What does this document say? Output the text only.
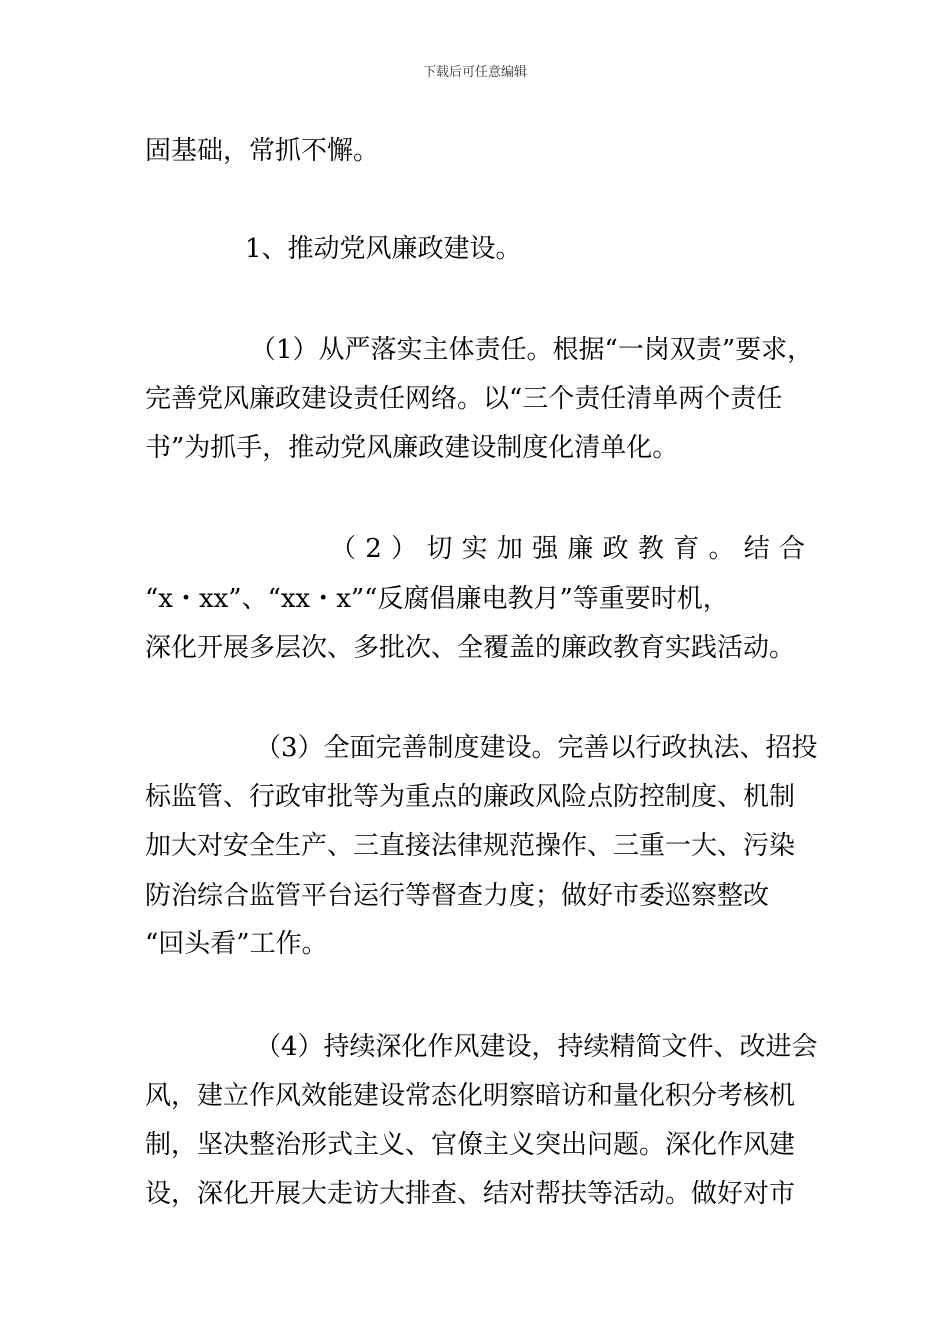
下载后可任意编辑
固基础，常抓不懈。
1、推动党风廉政建设。
（1）从严落实主体责任。根据“一岗双责”要求，
完善党风廉政建设责任网络。以“三个责任清单两个责任
书”为抓手，推动党风廉政建设制度化清单化。
（ 2 ） 切 实 加 强 廉 政 教 育 。 结 合
“x・xx”、“xx・x”“反腐倡廉电教月”等重要时机，
深化开展多层次、多批次、全覆盖的廉政教育实践活动。
（3）全面完善制度建设。完善以行政执法、招投
标监管、行政审批等为重点的廉政风险点防控制度、机制
加大对安全生产、三直接法律规范操作、三重一大、污染
防治综合监管平台运行等督查力度；做好市委巡察整改
“回头看”工作。
（4）持续深化作风建设，持续精简文件、改进会
风，建立作风效能建设常态化明察暗访和量化积分考核机
制，坚决整治形式主义、官僚主义突出问题。深化作风建
设，深化开展大走访大排查、结对帮扶等活动。做好对市
